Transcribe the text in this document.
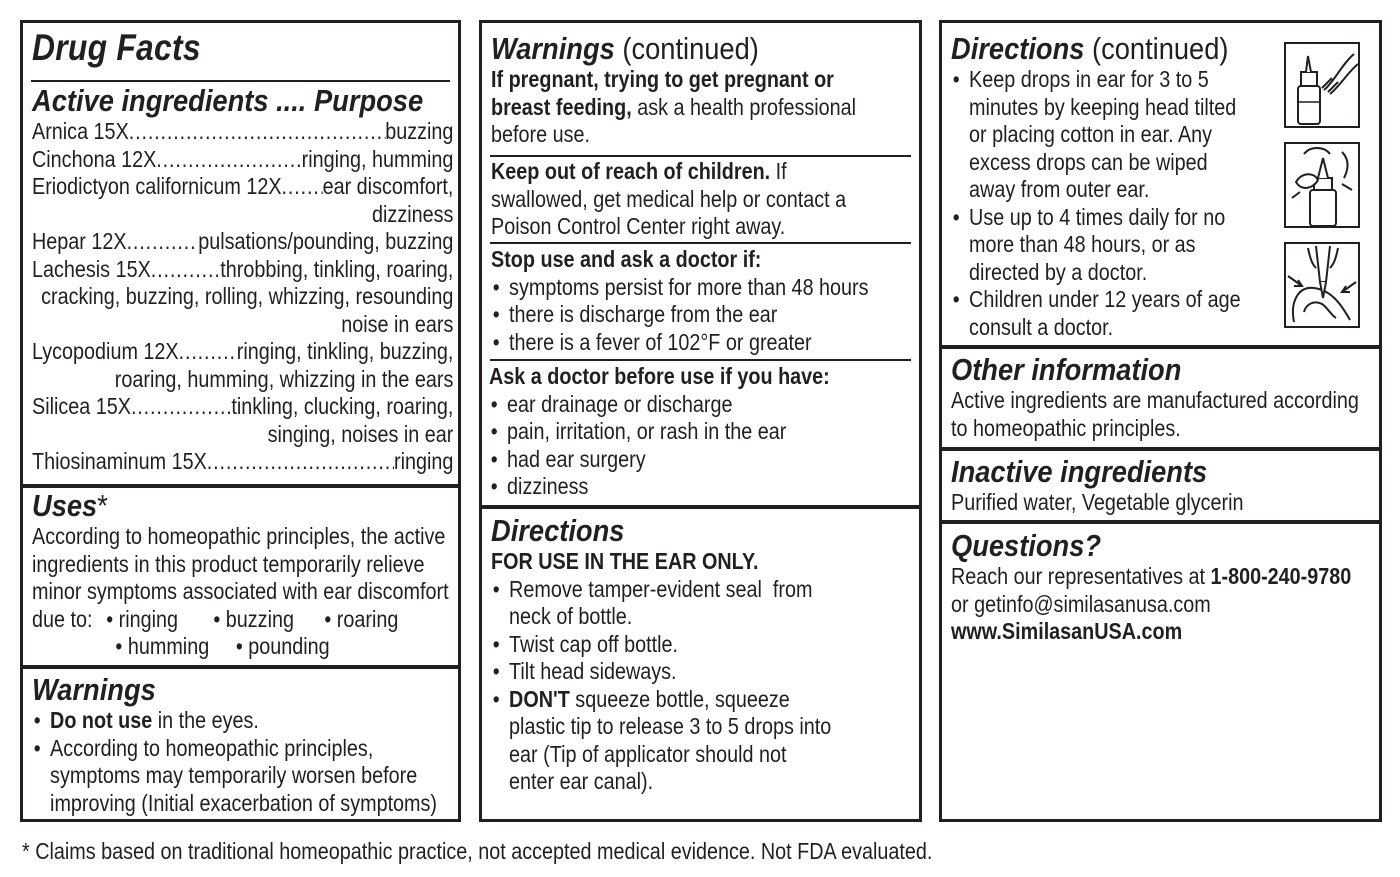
Drug Facts
Active ingredients .... Purpose
Arnica 15X .....	buzzing
Cinchona 12X .....	ringing, humming
Eriodictyon californicum 12X ..... ear discomfort,
dizziness
Hepar 12X .....	pulsations/pounding, buzzing
Lachesis 15X .....	throbbing, tinkling, roaring,
cracking, buzzing, rolling, whizzing, resounding
noise in ears
Lycopodium 12X .....	ringing, tinkling, buzzing,
roaring, humming, whizzing in the ears
Silicea 15X .....	tinkling, clucking, roaring,
singing, noises in ear
Thiosinaminum 15X .....	ringing
Uses*
According to homeopathic principles, the active
ingredients in this product temporarily relieve
minor symptoms associated with ear discomfort
due to: • ringing	• buzzing	• roaring
• humming	• pounding
Warnings
• Do not use in the eyes.
• According to homeopathic principles,
symptoms may temporarily worsen before
improving (Initial exacerbation of symptoms)
Warnings (continued)
If pregnant, trying to get pregnant or
breast feeding, ask a health professional
before use.
Keep out of reach of children. If
swallowed, get medical help or contact a
Poison Control Center right away.
Stop use and ask a doctor if:
• symptoms persist for more than 48 hours
• there is discharge from the ear
• there is a fever of 102°F or greater
Ask a doctor before use if you have:
• ear drainage or discharge
• pain, irritation, or rash in the ear
• had ear surgery
• dizziness
Directions
FOR USE IN THE EAR ONLY.
• Remove tamper-evident seal  from
neck of bottle.
• Twist cap off bottle.
• Tilt head sideways.
• DON'T squeeze bottle, squeeze
plastic tip to release 3 to 5 drops into
ear (Tip of applicator should not
enter ear canal).
Directions (continued)
• Keep drops in ear for 3 to 5
minutes by keeping head tilted
or placing cotton in ear. Any
excess drops can be wiped
away from outer ear.
• Use up to 4 times daily for no
more than 48 hours, or as
directed by a doctor.
• Children under 12 years of age
consult a doctor.
Other information
Active ingredients are manufactured according
to homeopathic principles.
Inactive ingredients
Purified water, Vegetable glycerin
Questions?
Reach our representatives at 1-800-240-9780
or getinfo@similasanusa.com
www.SimilasanUSA.com
* Claims based on traditional homeopathic practice, not accepted medical evidence. Not FDA evaluated.
